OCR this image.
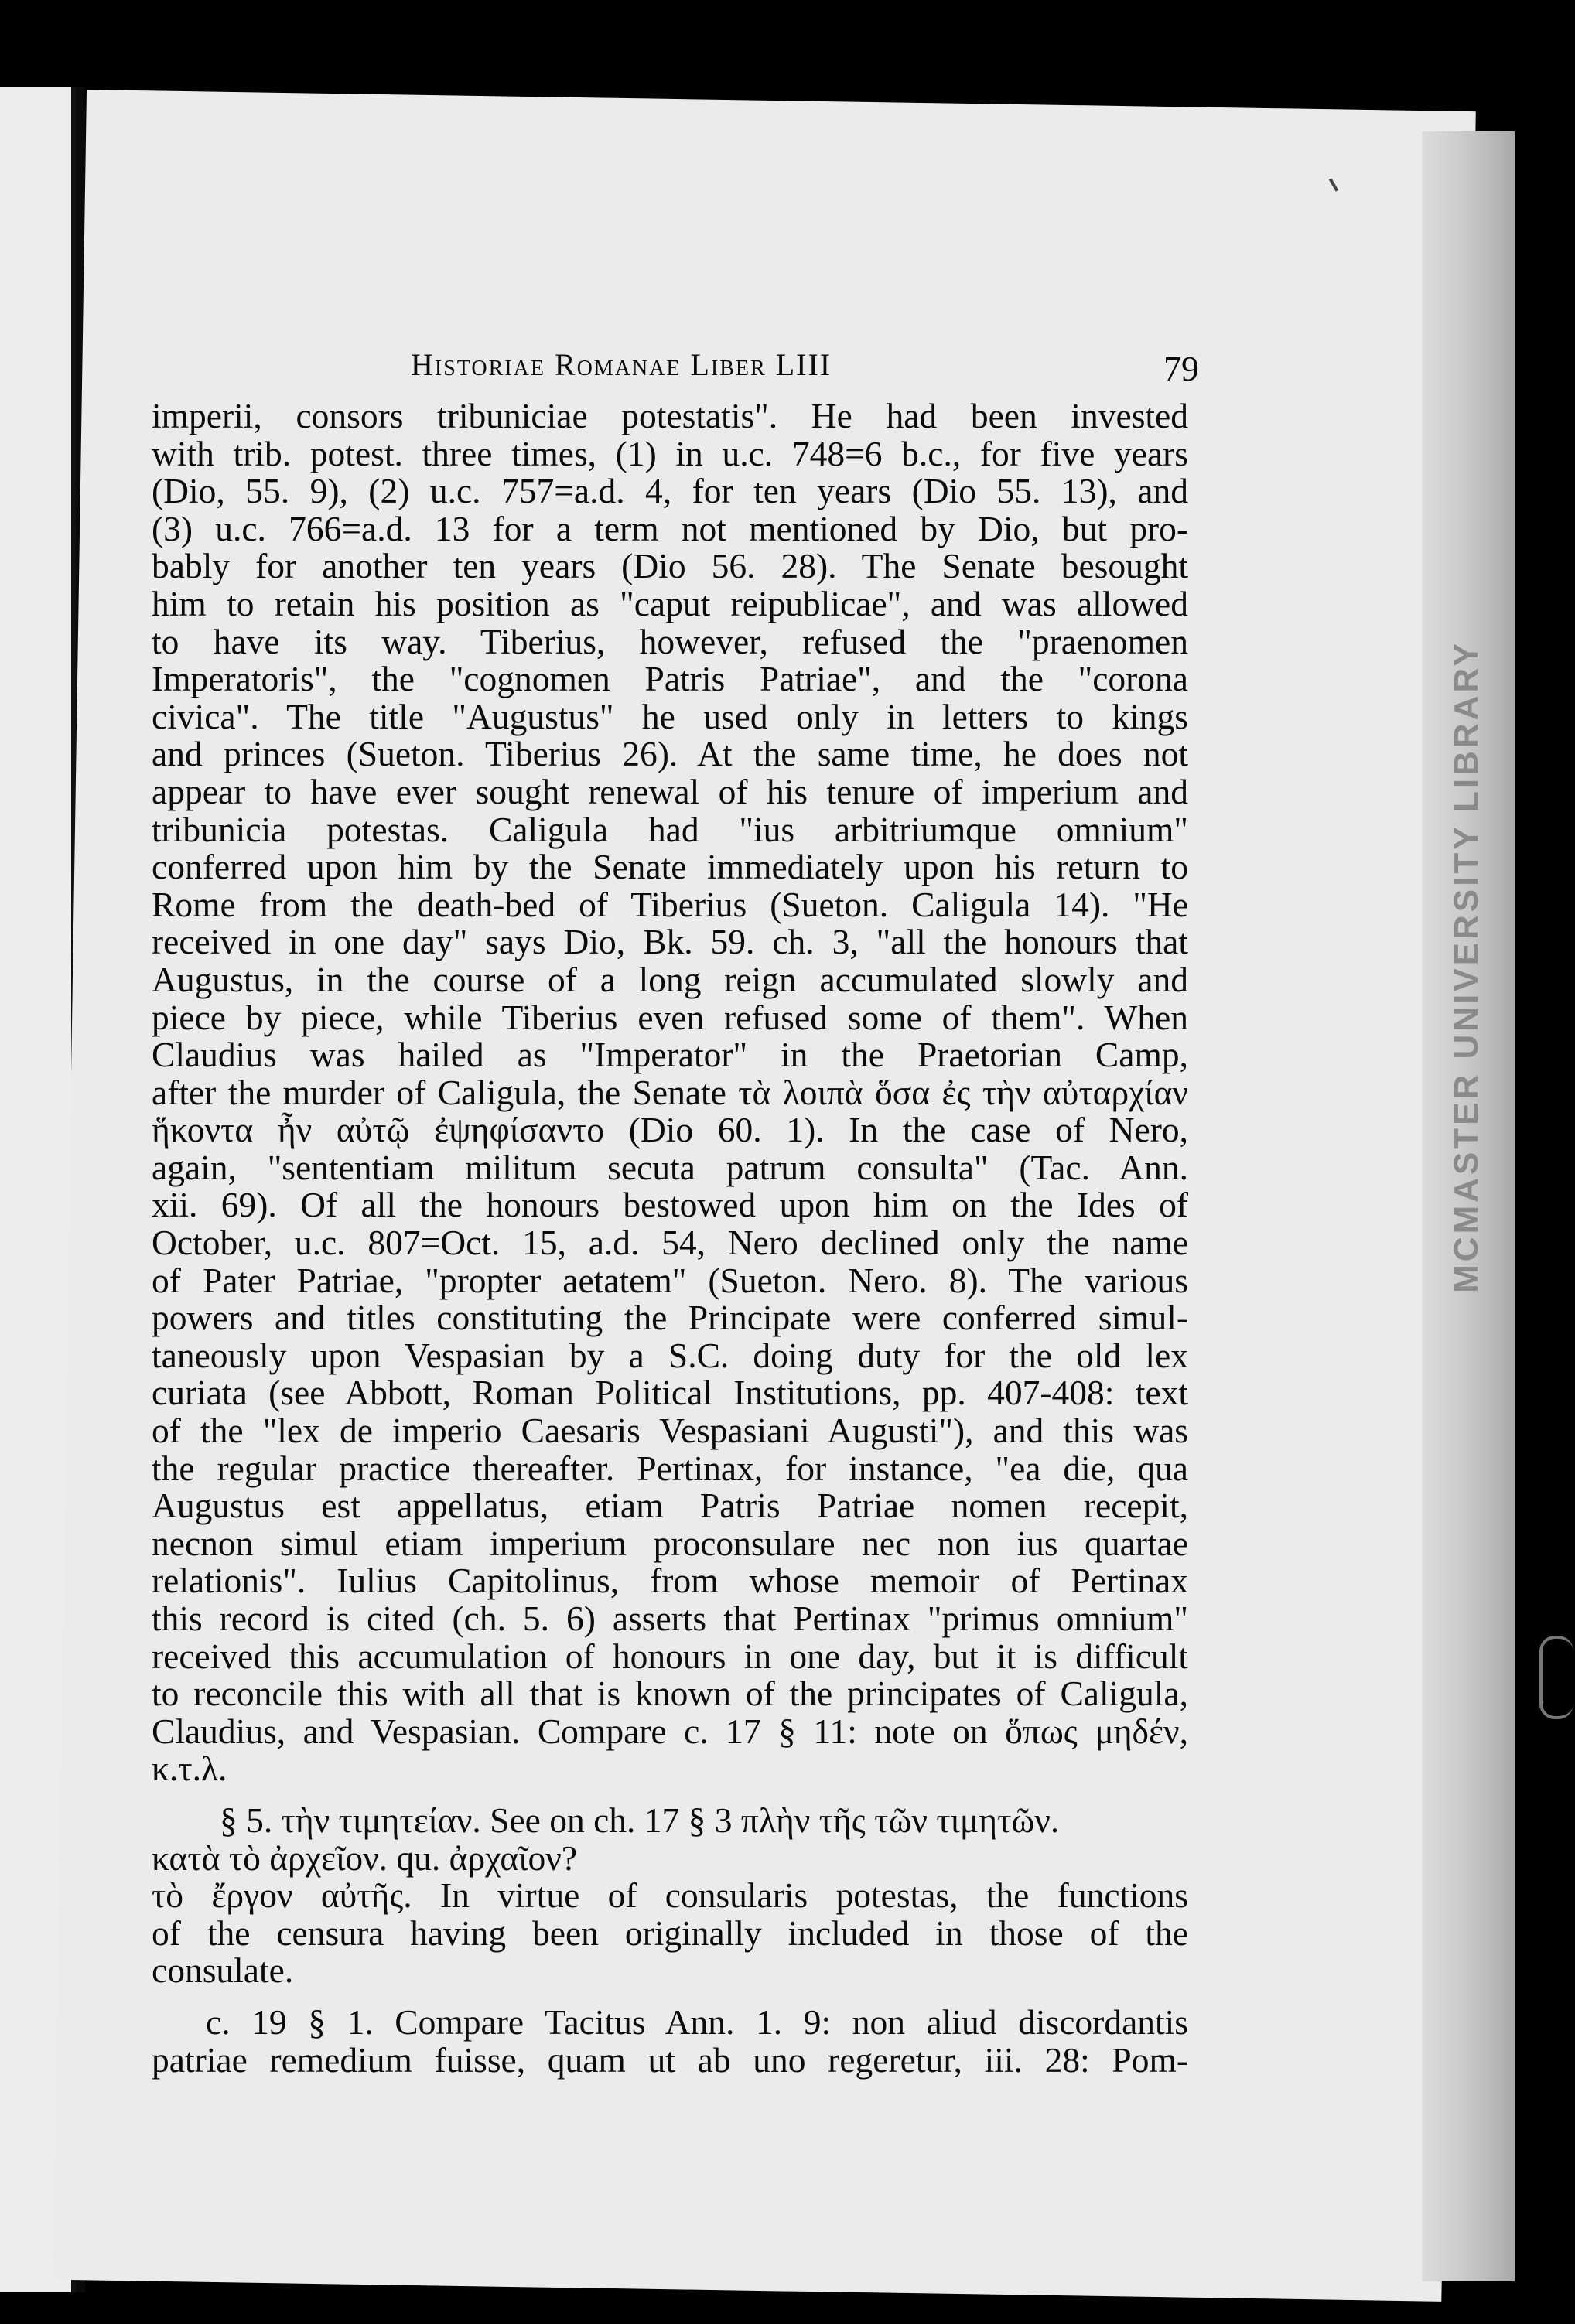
MCMASTER UNIVERSITY LIBRARY
Historiae Romanae Liber LIII	79
imperii, consors tribuniciae potestatis". He had been invested
with trib. potest. three times, (1) in u.c. 748=6 b.c., for five years
(Dio, 55. 9), (2) u.c. 757=a.d. 4, for ten years (Dio 55. 13), and
(3) u.c. 766=a.d. 13 for a term not mentioned by Dio, but pro-
bably for another ten years (Dio 56. 28). The Senate besought
him to retain his position as "caput reipublicae", and was allowed
to have its way. Tiberius, however, refused the "praenomen
Imperatoris", the "cognomen Patris Patriae", and the "corona
civica". The title "Augustus" he used only in letters to kings
and princes (Sueton. Tiberius 26). At the same time, he does not
appear to have ever sought renewal of his tenure of imperium and
tribunicia potestas. Caligula had "ius arbitriumque omnium"
conferred upon him by the Senate immediately upon his return to
Rome from the death-bed of Tiberius (Sueton. Caligula 14). "He
received in one day" says Dio, Bk. 59. ch. 3, "all the honours that
Augustus, in the course of a long reign accumulated slowly and
piece by piece, while Tiberius even refused some of them". When
Claudius was hailed as "Imperator" in the Praetorian Camp,
after the murder of Caligula, the Senate τὰ λοιπὰ ὅσα ἐς τὴν αὐταρχίαν
ἥκοντα ἦν αὐτῷ ἐψηφίσαντο (Dio 60. 1). In the case of Nero,
again, "sententiam militum secuta patrum consulta" (Tac. Ann.
xii. 69). Of all the honours bestowed upon him on the Ides of
October, u.c. 807=Oct. 15, a.d. 54, Nero declined only the name
of Pater Patriae, "propter aetatem" (Sueton. Nero. 8). The various
powers and titles constituting the Principate were conferred simul-
taneously upon Vespasian by a S.C. doing duty for the old lex
curiata (see Abbott, Roman Political Institutions, pp. 407-408: text
of the "lex de imperio Caesaris Vespasiani Augusti"), and this was
the regular practice thereafter. Pertinax, for instance, "ea die, qua
Augustus est appellatus, etiam Patris Patriae nomen recepit,
necnon simul etiam imperium proconsulare nec non ius quartae
relationis". Iulius Capitolinus, from whose memoir of Pertinax
this record is cited (ch. 5. 6) asserts that Pertinax "primus omnium"
received this accumulation of honours in one day, but it is difficult
to reconcile this with all that is known of the principates of Caligula,
Claudius, and Vespasian. Compare c. 17 § 11: note on ὅπως μηδέν,
κ.τ.λ.
§ 5. τὴν τιμητείαν. See on ch. 17 § 3 πλὴν τῆς τῶν τιμητῶν.
κατὰ τὸ ἀρχεῖον. qu. ἀρχαῖον?
τὸ ἔργον αὐτῆς. In virtue of consularis potestas, the functions
of the censura having been originally included in those of the
consulate.
c. 19 § 1. Compare Tacitus Ann. 1. 9: non aliud discordantis
patriae remedium fuisse, quam ut ab uno regeretur, iii. 28: Pom-
